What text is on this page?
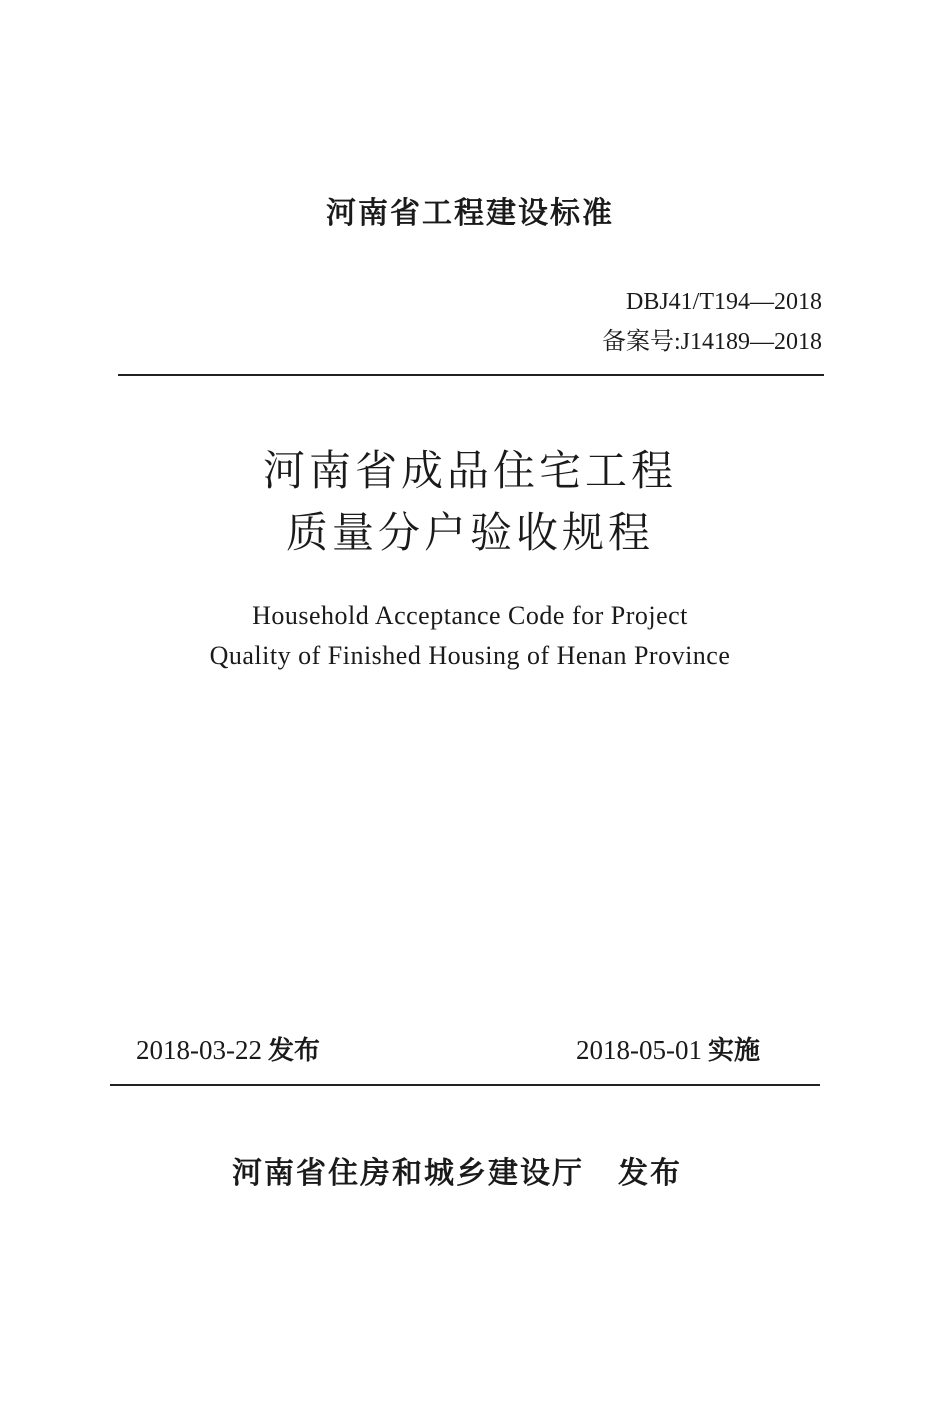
河南省工程建设标准
DBJ41/T194—2018
备案号:J14189—2018
河南省成品住宅工程
质量分户验收规程
Household Acceptance Code for Project
Quality of Finished Housing of Henan Province
2018-03-22 发布	2018-05-01 实施
河南省住房和城乡建设厅 发布
